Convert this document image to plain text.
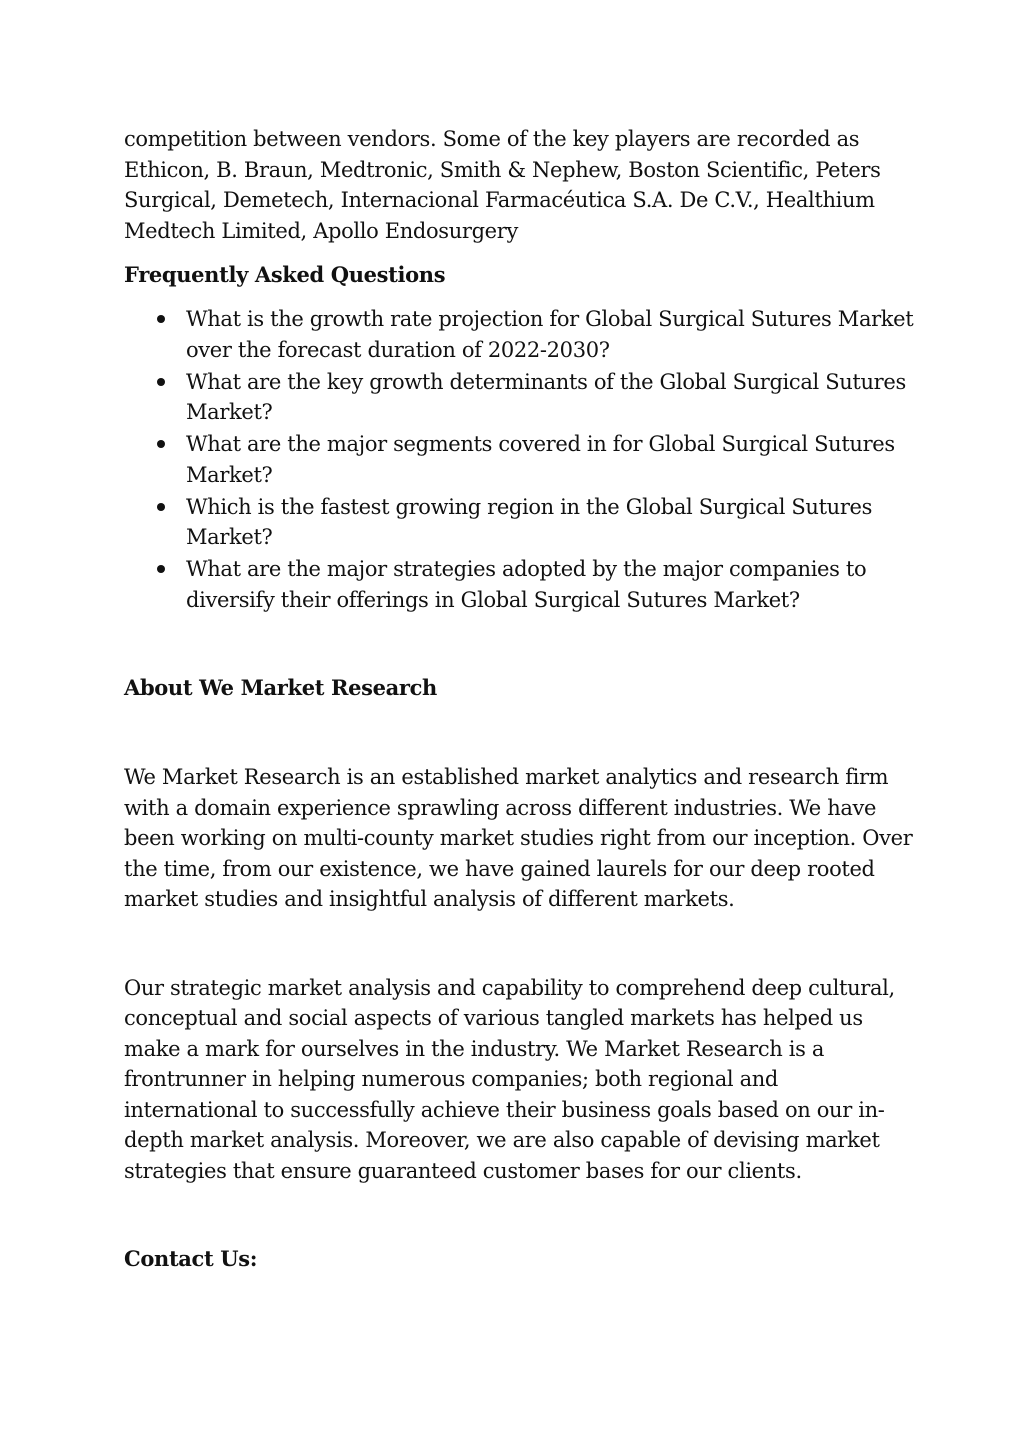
competition between vendors. Some of the key players are recorded as Ethicon, B. Braun, Medtronic, Smith & Nephew, Boston Scientific, Peters Surgical, Demetech, Internacional Farmacéutica S.A. De C.V., Healthium Medtech Limited, Apollo Endosurgery

Frequently Asked Questions
What is the growth rate projection for Global Surgical Sutures Market over the forecast duration of 2022-2030?
What are the key growth determinants of the Global Surgical Sutures Market?
What are the major segments covered in for Global Surgical Sutures Market?
Which is the fastest growing region in the Global Surgical Sutures Market?
What are the major strategies adopted by the major companies to diversify their offerings in Global Surgical Sutures Market?
About We Market Research

We Market Research is an established market analytics and research firm with a domain experience sprawling across different industries. We have been working on multi-county market studies right from our inception. Over the time, from our existence, we have gained laurels for our deep rooted market studies and insightful analysis of different markets.

Our strategic market analysis and capability to comprehend deep cultural, conceptual and social aspects of various tangled markets has helped us make a mark for ourselves in the industry. We Market Research is a frontrunner in helping numerous companies; both regional and international to successfully achieve their business goals based on our in-depth market analysis. Moreover, we are also capable of devising market strategies that ensure guaranteed customer bases for our clients.

Contact Us:
